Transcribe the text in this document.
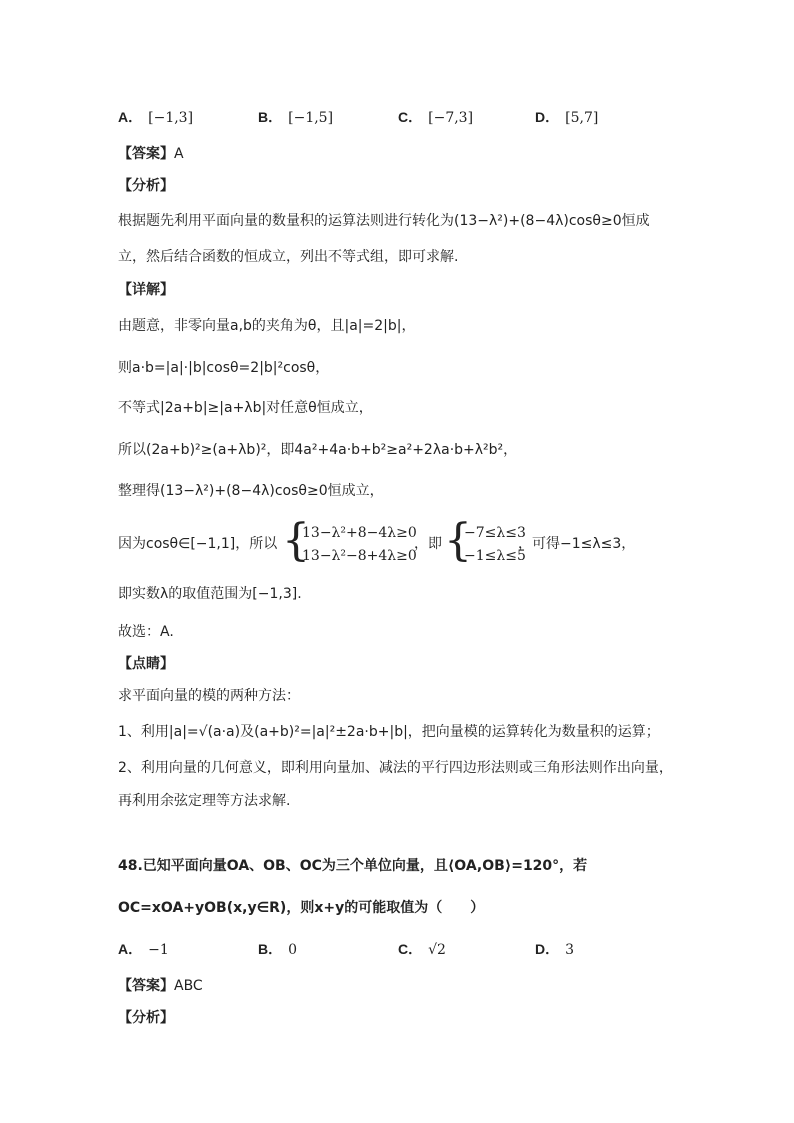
A． [−1,3]	B． [−1,5]	C． [−7,3]	D． [5,7]
【答案】A
【分析】
根据题先利用平面向量的数量积的运算法则进行转化为(13−λ²)+(8−4λ)cosθ≥0恒成
立，然后结合函数的恒成立，列出不等式组，即可求解.
【详解】
由题意，非零向量a,b的夹角为θ，且|a|=2|b|，
则a·b=|a|·|b|cosθ=2|b|²cosθ，
不等式|2a+b|≥|a+λb|对任意θ恒成立，
所以(2a+b)²≥(a+λb)²，即4a²+4a·b+b²≥a²+2λa·b+λ²b²，
整理得(13−λ²)+(8−4λ)cosθ≥0恒成立，
因为cosθ∈[−1,1]，所以 {
13−λ²+8−4λ≥0
13−λ²−8+4λ≥0
，即 {
−7≤λ≤3
−1≤λ≤5
，可得−1≤λ≤3，
即实数λ的取值范围为[−1,3].
故选：A.
【点睛】
求平面向量的模的两种方法：
1、利用|a|=√(a·a)及(a+b)²=|a|²±2a·b+|b|，把向量模的运算转化为数量积的运算；
2、利用向量的几何意义，即利用向量加、减法的平行四边形法则或三角形法则作出向量，
再利用余弦定理等方法求解.
48.已知平面向量OA、OB、OC为三个单位向量，且⟨OA,OB⟩=120°，若
OC=xOA+yOB(x,y∈R)，则x+y的可能取值为（　　）
A． −1	B． 0	C． √2	D． 3
【答案】ABC
【分析】
